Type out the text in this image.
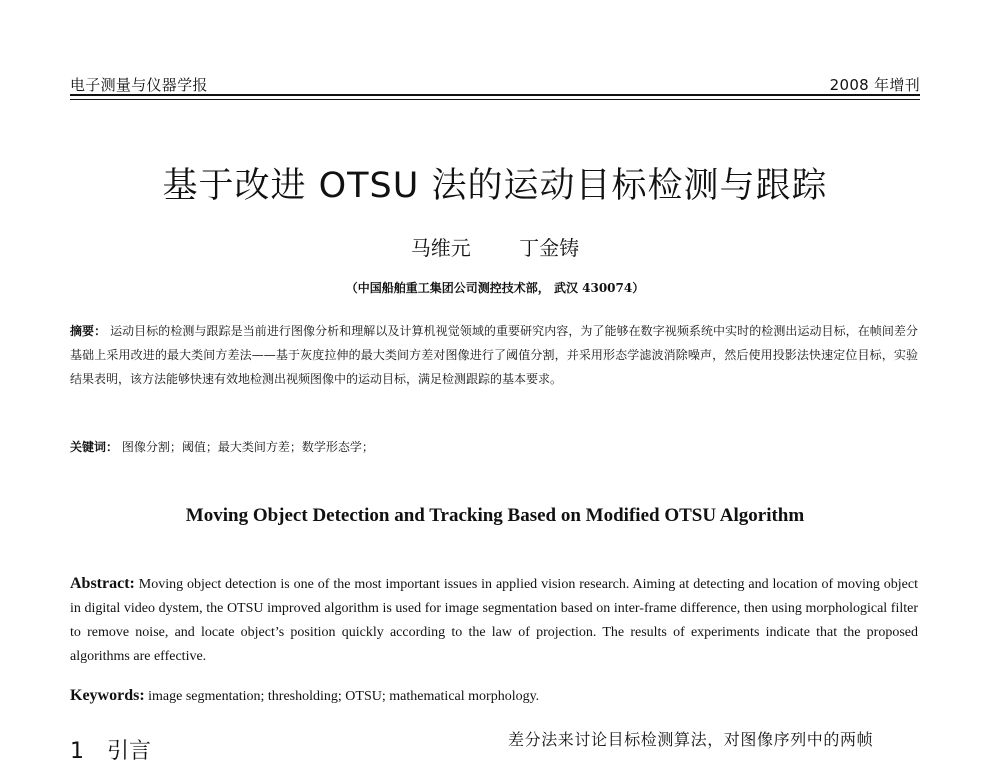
电子测量与仪器学报	2008 年增刊
基于改进 OTSU 法的运动目标检测与跟踪
马维元 丁金铸
（中国船舶重工集团公司测控技术部， 武汉 430074）
摘要： 运动目标的检测与跟踪是当前进行图像分析和理解以及计算机视觉领域的重要研究内容，为了能够在数字视频系统中实时的检测出运动目标，在帧间差分基础上采用改进的最大类间方差法——基于灰度拉伸的最大类间方差对图像进行了阈值分割，并采用形态学滤波消除噪声，然后使用投影法快速定位目标，实验结果表明，该方法能够快速有效地检测出视频图像中的运动目标，满足检测跟踪的基本要求。
关键词： 图像分割；阈值；最大类间方差；数学形态学；
Moving Object Detection and Tracking Based on Modified OTSU Algorithm
Abstract: Moving object detection is one of the most important issues in applied vision research. Aiming at detecting and location of moving object in digital video dystem, the OTSU improved algorithm is used for image segmentation based on inter-frame difference, then using morphological filter to remove noise, and locate object’s position quickly according to the law of projection. The results of experiments indicate that the proposed algorithms are effective.
Keywords: image segmentation; thresholding; OTSU; mathematical morphology.
1 引言	差分法来讨论目标检测算法，对图像序列中的两帧
